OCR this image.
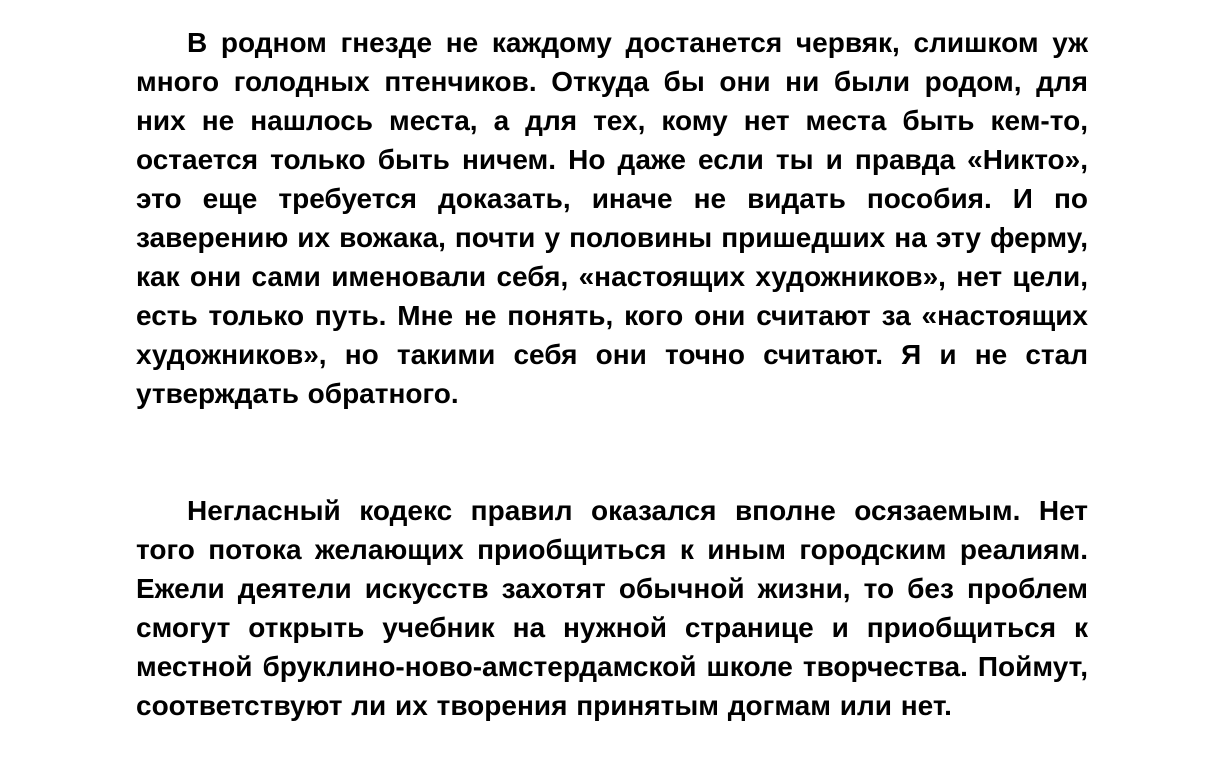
В родном гнезде не каждому достанется червяк, слишком уж много голодных птенчиков. Откуда бы они ни были родом, для них не нашлось места, а для тех, кому нет места быть кем-то, остается только быть ничем. Но даже если ты и правда «Никто», это еще требуется доказать, иначе не видать пособия. И по заверению их вожака, почти у половины пришедших на эту ферму, как они сами именовали себя, «настоящих художников», нет цели, есть только путь. Мне не понять, кого они считают за «настоящих художников», но такими себя они точно считают. Я и не стал утверждать обратного.

Негласный кодекс правил оказался вполне осязаемым. Нет того потока желающих приобщиться к иным городским реалиям. Ежели деятели искусств захотят обычной жизни, то без проблем смогут открыть учебник на нужной странице и приобщиться к местной бруклино-ново-амстердамской школе творчества. Поймут, соответствуют ли их творения принятым догмам или нет.
